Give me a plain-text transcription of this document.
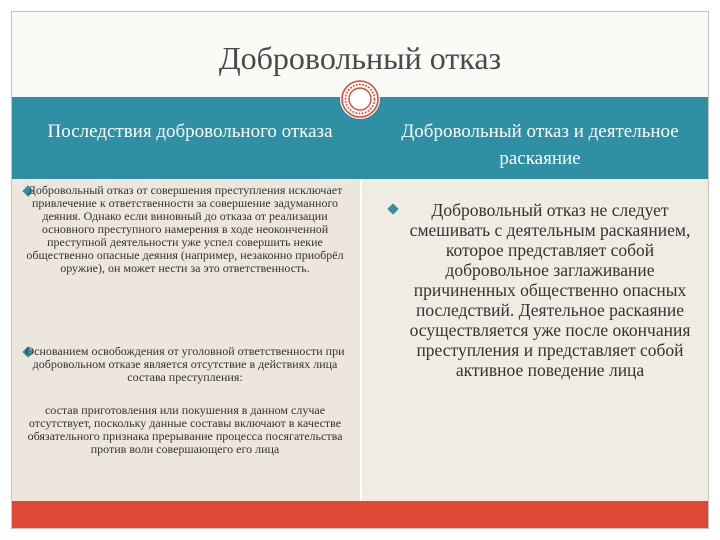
Добровольный отказ
Последствия добровольного отказа	Добровольный отказ и деятельное раскаяние
Добровольный отказ от совершения преступления исключает привлечение к ответственности за совершение задуманного деяния. Однако если виновный до отказа от реализации основного преступного намерения в ходе неоконченной преступной деятельности уже успел совершить некие общественно опасные деяния (например, незаконно приобрёл оружие), он может нести за это ответственность.
Основанием освобождения от уголовной ответственности при добровольном отказе является отсутствие в действиях лица состава преступления:
состав приготовления или покушения в данном случае отсутствует, поскольку данные составы включают в качестве обязательного признака прерывание процесса посягательства против воли совершающего его лица
Добровольный отказ не следует смешивать с деятельным раскаянием, которое представляет собой добровольное заглаживание причиненных общественно опасных последствий. Деятельное раскаяние осуществляется уже после окончания преступления и представляет собой активное поведение лица
